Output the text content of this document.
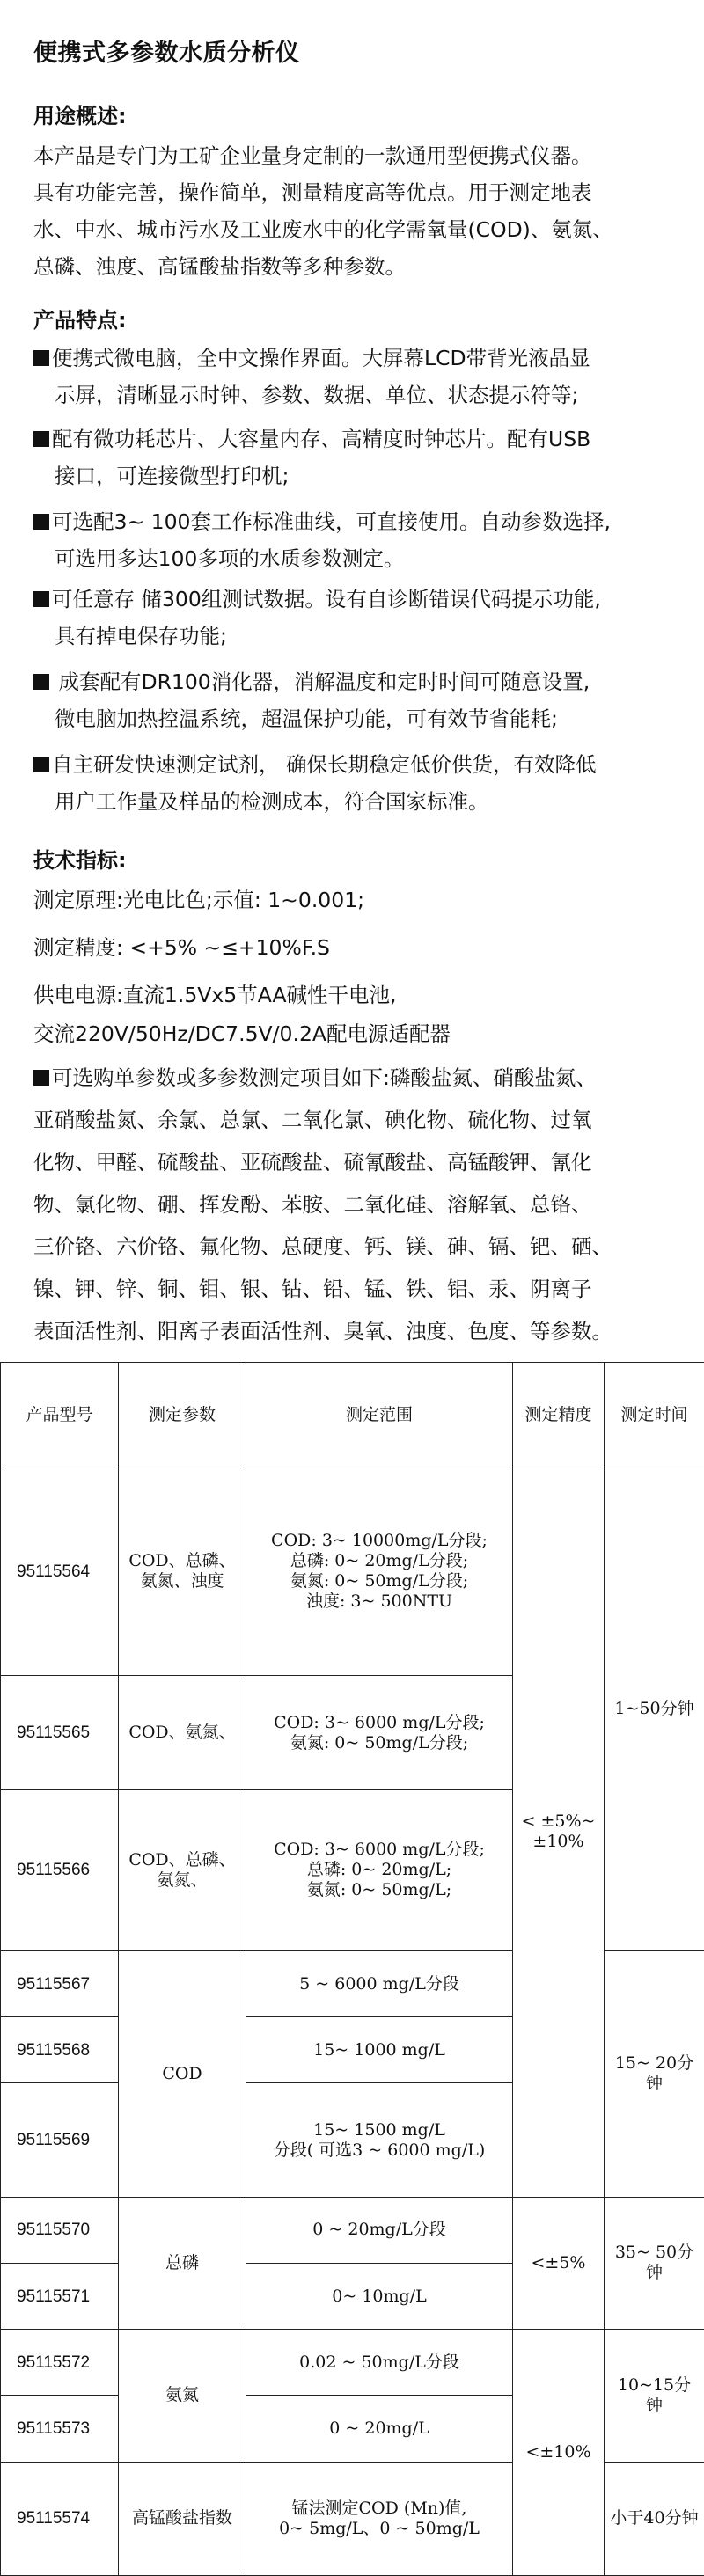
便携式多参数水质分析仪
用途概述:
本产品是专门为工矿企业量身定制的一款通用型便携式仪器。
具有功能完善，操作简单，测量精度高等优点。用于测定地表
水、中水、城市污水及工业废水中的化学需氧量(COD)、氨氮、
总磷、浊度、高锰酸盐指数等多种参数。
产品特点:
便携式微电脑，全中文操作界面。大屏幕LCD带背光液晶显
示屏，清晰显示时钟、参数、数据、单位、状态提示符等;
配有微功耗芯片、大容量内存、高精度时钟芯片。配有USB
接口，可连接微型打印机;
可选配3~ 100套工作标准曲线，可直接使用。自动参数选择,
可选用多达100多项的水质参数测定。
可任意存 储300组测试数据。设有自诊断错误代码提示功能,
具有掉电保存功能;
成套配有DR100消化器，消解温度和定时时间可随意设置,
微电脑加热控温系统，超温保护功能，可有效节省能耗;
自主研发快速测定试剂， 确保长期稳定低价供货，有效降低
用户工作量及样品的检测成本，符合国家标准。
技术指标:
测定原理:光电比色;示值: 1~0.001;
测定精度: <+5% ~≤+10%F.S
供电电源:直流1.5Vx5节AA碱性干电池,
交流220V/50Hz/DC7.5V/0.2A配电源适配器
可选购单参数或多参数测定项目如下:磷酸盐氮、硝酸盐氮、
亚硝酸盐氮、余氯、总氯、二氧化氯、碘化物、硫化物、过氧
化物、甲醛、硫酸盐、亚硫酸盐、硫氰酸盐、高锰酸钾、氰化
物、氯化物、硼、挥发酚、苯胺、二氧化硅、溶解氧、总铬、
三价铬、六价铬、氟化物、总硬度、钙、镁、砷、镉、钯、硒、
镍、钾、锌、铜、钼、银、钴、铅、锰、铁、铝、汞、阴离子
表面活性剂、阳离子表面活性剂、臭氧、浊度、色度、等参数。
产品型号	测定参数	测定范围	测定精度	测定时间
95115564	COD、总磷、氨氮、浊度	COD: 3~ 10000mg/L分段;
总磷: 0~ 20mg/L分段;
氨氮: 0~ 50mg/L分段;
浊度: 3~ 500NTU	< ±5%~ ±10%	1~50分钟
95115565	COD、氨氮、	COD: 3~ 6000 mg/L分段;
氨氮: 0~ 50mg/L分段;		

95115566	COD、总磷、氨氮、	COD: 3~ 6000 mg/L分段;
总磷: 0~ 20mg/L;
氨氮: 0~ 50mg/L;		

95115567	COD	5 ~ 6000 mg/L分段		15~ 20分钟
95115568		15~ 1000 mg/L		

95115569		15~ 1500 mg/L
分段( 可选3 ~ 6000 mg/L)		

95115570	总磷	0 ~ 20mg/L分段	<±5%	35~ 50分钟
95115571		0~ 10mg/L		

95115572	氨氮	0.02 ~ 50mg/L分段	<±10%	10~15分钟
95115573		0 ~ 20mg/L		

95115574	高锰酸盐指数	锰法测定COD (Mn)值,
0~ 5mg/L、0 ~ 50mg/L		小于40分钟
